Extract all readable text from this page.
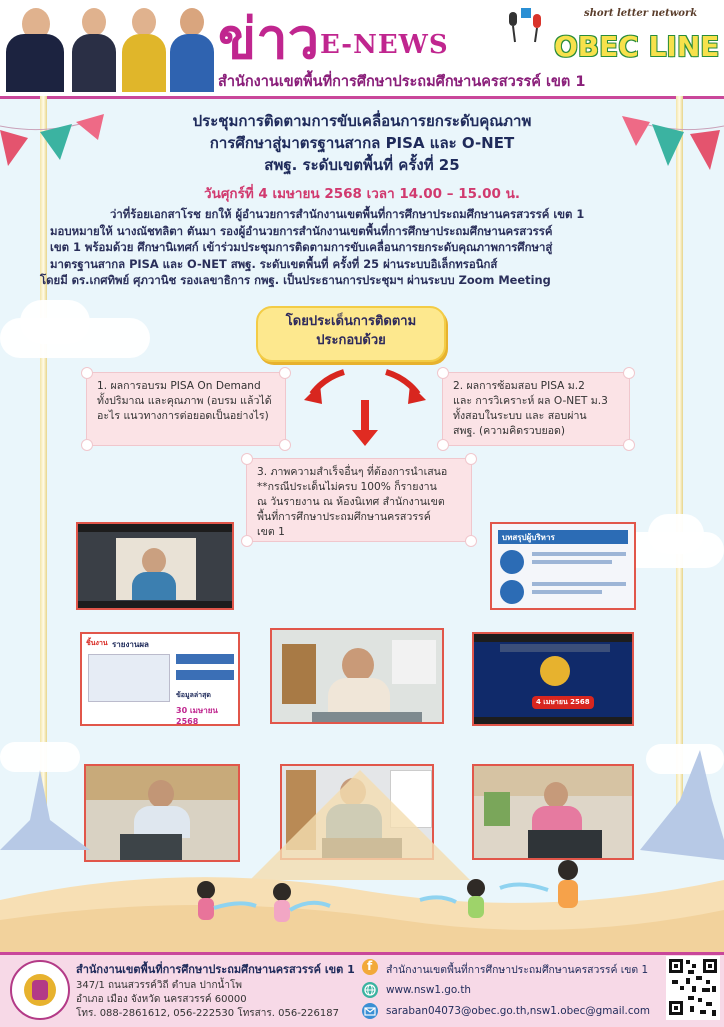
ข่าว E-NEWS
short letter network
OBEC LINE
สำนักงานเขตพื้นที่การศึกษาประถมศึกษานครสวรรค์ เขต 1
ประชุมการติดตามการขับเคลื่อนการยกระดับคุณภาพ
การศึกษาสู่มาตรฐานสากล PISA และ O-NET
สพฐ. ระดับเขตพื้นที่ ครั้งที่ 25
วันศุกร์ที่ 4 เมษายน 2568 เวลา 14.00 – 15.00 น.

ว่าที่ร้อยเอกสาโรช ยกให้ ผู้อำนวยการสำนักงานเขตพื้นที่การศึกษาประถมศึกษานครสวรรค์ เขต 1

มอบหมายให้ นางณัชทลิตา ตันมา รองผู้อำนวยการสำนักงานเขตพื้นที่การศึกษาประถมศึกษานครสวรรค์

เขต 1 พร้อมด้วย ศึกษานิเทศก์ เข้าร่วมประชุมการติดตามการขับเคลื่อนการยกระดับคุณภาพการศึกษาสู่

มาตรฐานสากล PISA และ O-NET สพฐ. ระดับเขตพื้นที่ ครั้งที่ 25 ผ่านระบบอิเล็กทรอนิกส์

โดยมี ดร.เกศทิพย์ ศุภวานิช รองเลขาธิการ กพฐ. เป็นประธานการประชุมฯ ผ่านระบบ Zoom Meeting

โดยประเด็นการติดตาม
ประกอบด้วย
1. ผลการอบรม PISA On Demand
ทั้งปริมาณ และคุณภาพ (อบรม แล้วได้
อะไร แนวทางการต่อยอดเป็นอย่างไร)
2. ผลการซ้อมสอบ PISA ม.2
และ การวิเคราะห์ ผล O-NET ม.3
ทั้งสอบในระบบ และ สอบผ่าน
สพฐ. (ความคิดรวบยอด)
3. ภาพความสำเร็จอื่นๆ ที่ต้องการนำเสนอ
**กรณีประเด็นไม่ครบ 100% ก็รายงาน
ณ วันรายงาน ณ ห้องนิเทศ สำนักงานเขต
พื้นที่การศึกษาประถมศึกษานครสวรรค์
เขต 1	บทสรุปผู้บริหาร
ชิ้นงาน รายงานผล
ข้อมูลล่าสุด
30 เมษายน 2568
4 เมษายน 2568
สำนักงานเขตพื้นที่การศึกษาประถมศึกษานครสวรรค์ เขต 1
347/1 ถนนสวรรค์วิถี ตำบล ปากน้ำโพ
อำเภอ เมือง จังหวัด นครสวรรค์ 60000
โทร. 088-2861612, 056-222530 โทรสาร. 056-226187
f สำนักงานเขตพื้นที่การศึกษาประถมศึกษานครสวรรค์ เขต 1
www.nsw1.go.th
saraban04073@obec.go.th,nsw1.obec@gmail.com
